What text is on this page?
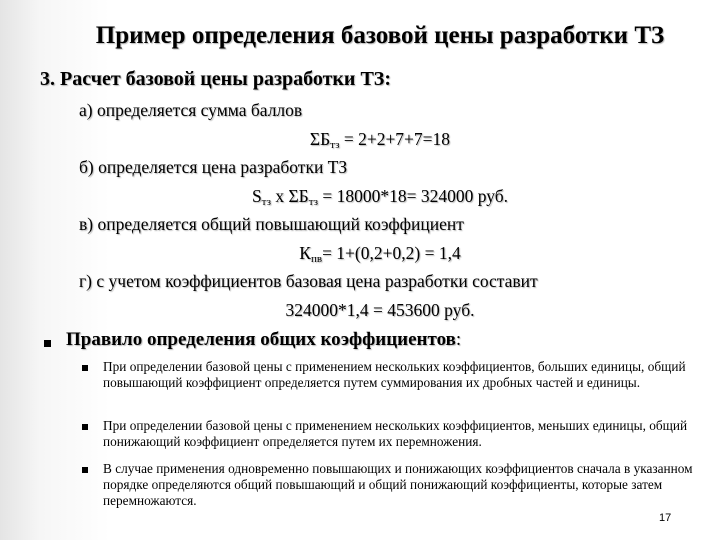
Пример определения базовой цены разработки ТЗ
3. Расчет базовой цены разработки ТЗ:
а) определяется сумма баллов
$\Sigma Б_{тз} = 2+2+7+7=18$
б) определяется цена разработки ТЗ
$S_{тз}$ х $\Sigma Б_{тз} = 18000*18= 324000$ руб.
в) определяется общий повышающий коэффициент
$К_{пв}= 1+(0,2+0,2) = 1,4$
г) с учетом коэффициентов базовая цена разработки составит
324000*1,4 = 453600 руб.
Правило определения общих коэффициентов:
При определении базовой цены с применением нескольких коэффициентов, больших единицы, общий повышающий коэффициент определяется путем суммирования их дробных частей и единицы.
При определении базовой цены с применением нескольких коэффициентов, меньших единицы, общий понижающий коэффициент определяется путем их перемножения.
В случае применения одновременно повышающих и понижающих коэффициентов сначала в указанном порядке определяются общий повышающий и общий понижающий коэффициенты, которые затем перемножаются.
17
